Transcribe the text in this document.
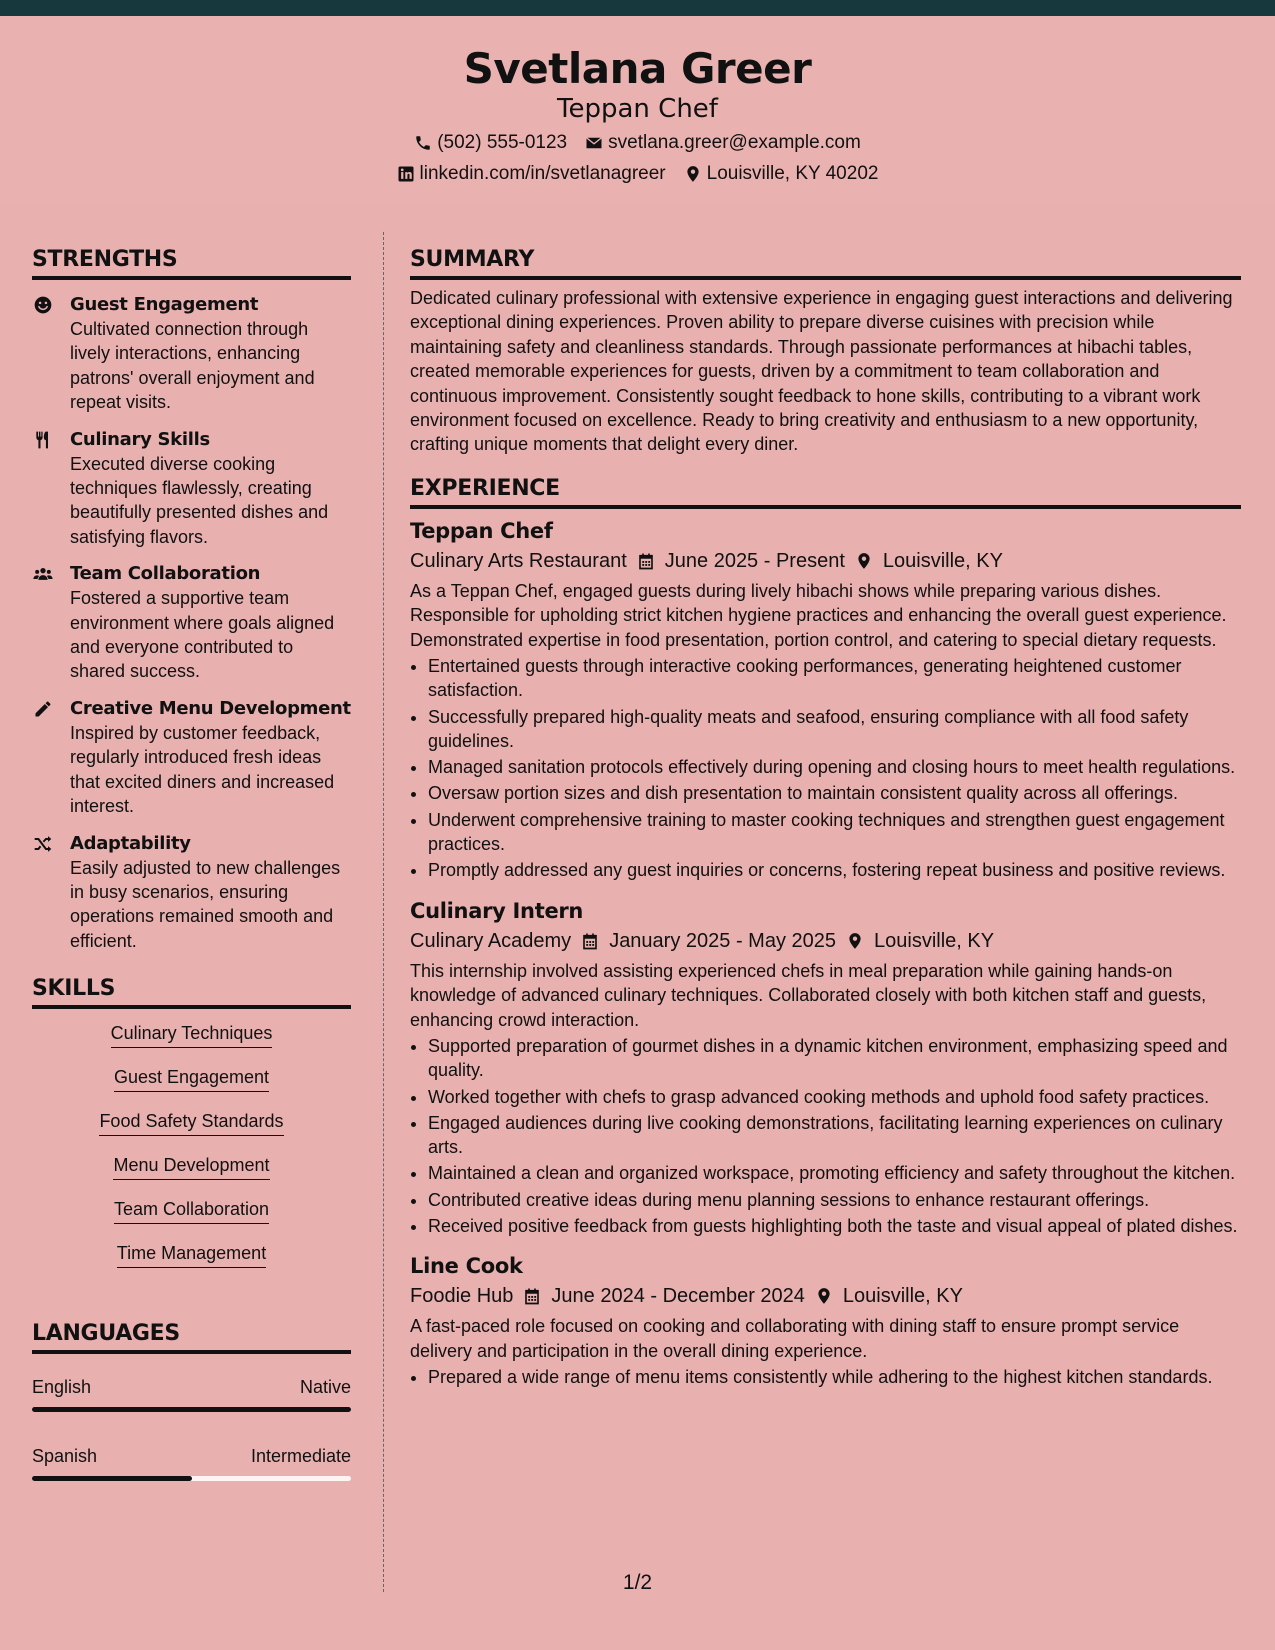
Svetlana Greer
Teppan Chef
(502) 555-0123 svetlana.greer@example.com
linkedin.com/in/svetlanagreer Louisville, KY 40202
STRENGTHS
Guest Engagement
Cultivated connection through lively interactions, enhancing patrons' overall enjoyment and repeat visits.
Culinary Skills
Executed diverse cooking techniques flawlessly, creating beautifully presented dishes and satisfying flavors.
Team Collaboration
Fostered a supportive team environment where goals aligned and everyone contributed to shared success.
Creative Menu Development
Inspired by customer feedback, regularly introduced fresh ideas that excited diners and increased interest.
Adaptability
Easily adjusted to new challenges in busy scenarios, ensuring operations remained smooth and efficient.
SKILLS
Culinary Techniques
Guest Engagement
Food Safety Standards
Menu Development
Team Collaboration
Time Management
LANGUAGES
English	Native
Spanish	Intermediate
SUMMARY
Dedicated culinary professional with extensive experience in engaging guest interactions and delivering exceptional dining experiences. Proven ability to prepare diverse cuisines with precision while maintaining safety and cleanliness standards. Through passionate performances at hibachi tables, created memorable experiences for guests, driven by a commitment to team collaboration and continuous improvement. Consistently sought feedback to hone skills, contributing to a vibrant work environment focused on excellence. Ready to bring creativity and enthusiasm to a new opportunity, crafting unique moments that delight every diner.
EXPERIENCE
Teppan Chef
Culinary Arts Restaurant June 2025 - Present Louisville, KY
As a Teppan Chef, engaged guests during lively hibachi shows while preparing various dishes. Responsible for upholding strict kitchen hygiene practices and enhancing the overall guest experience. Demonstrated expertise in food presentation, portion control, and catering to special dietary requests.
• Entertained guests through interactive cooking performances, generating heightened customer satisfaction.
• Successfully prepared high-quality meats and seafood, ensuring compliance with all food safety guidelines.
• Managed sanitation protocols effectively during opening and closing hours to meet health regulations.
• Oversaw portion sizes and dish presentation to maintain consistent quality across all offerings.
• Underwent comprehensive training to master cooking techniques and strengthen guest engagement practices.
• Promptly addressed any guest inquiries or concerns, fostering repeat business and positive reviews.
Culinary Intern
Culinary Academy January 2025 - May 2025 Louisville, KY
This internship involved assisting experienced chefs in meal preparation while gaining hands-on knowledge of advanced culinary techniques. Collaborated closely with both kitchen staff and guests, enhancing crowd interaction.
• Supported preparation of gourmet dishes in a dynamic kitchen environment, emphasizing speed and quality.
• Worked together with chefs to grasp advanced cooking methods and uphold food safety practices.
• Engaged audiences during live cooking demonstrations, facilitating learning experiences on culinary arts.
• Maintained a clean and organized workspace, promoting efficiency and safety throughout the kitchen.
• Contributed creative ideas during menu planning sessions to enhance restaurant offerings.
• Received positive feedback from guests highlighting both the taste and visual appeal of plated dishes.
Line Cook
Foodie Hub June 2024 - December 2024 Louisville, KY
A fast-paced role focused on cooking and collaborating with dining staff to ensure prompt service delivery and participation in the overall dining experience.
• Prepared a wide range of menu items consistently while adhering to the highest kitchen standards.
1/2
